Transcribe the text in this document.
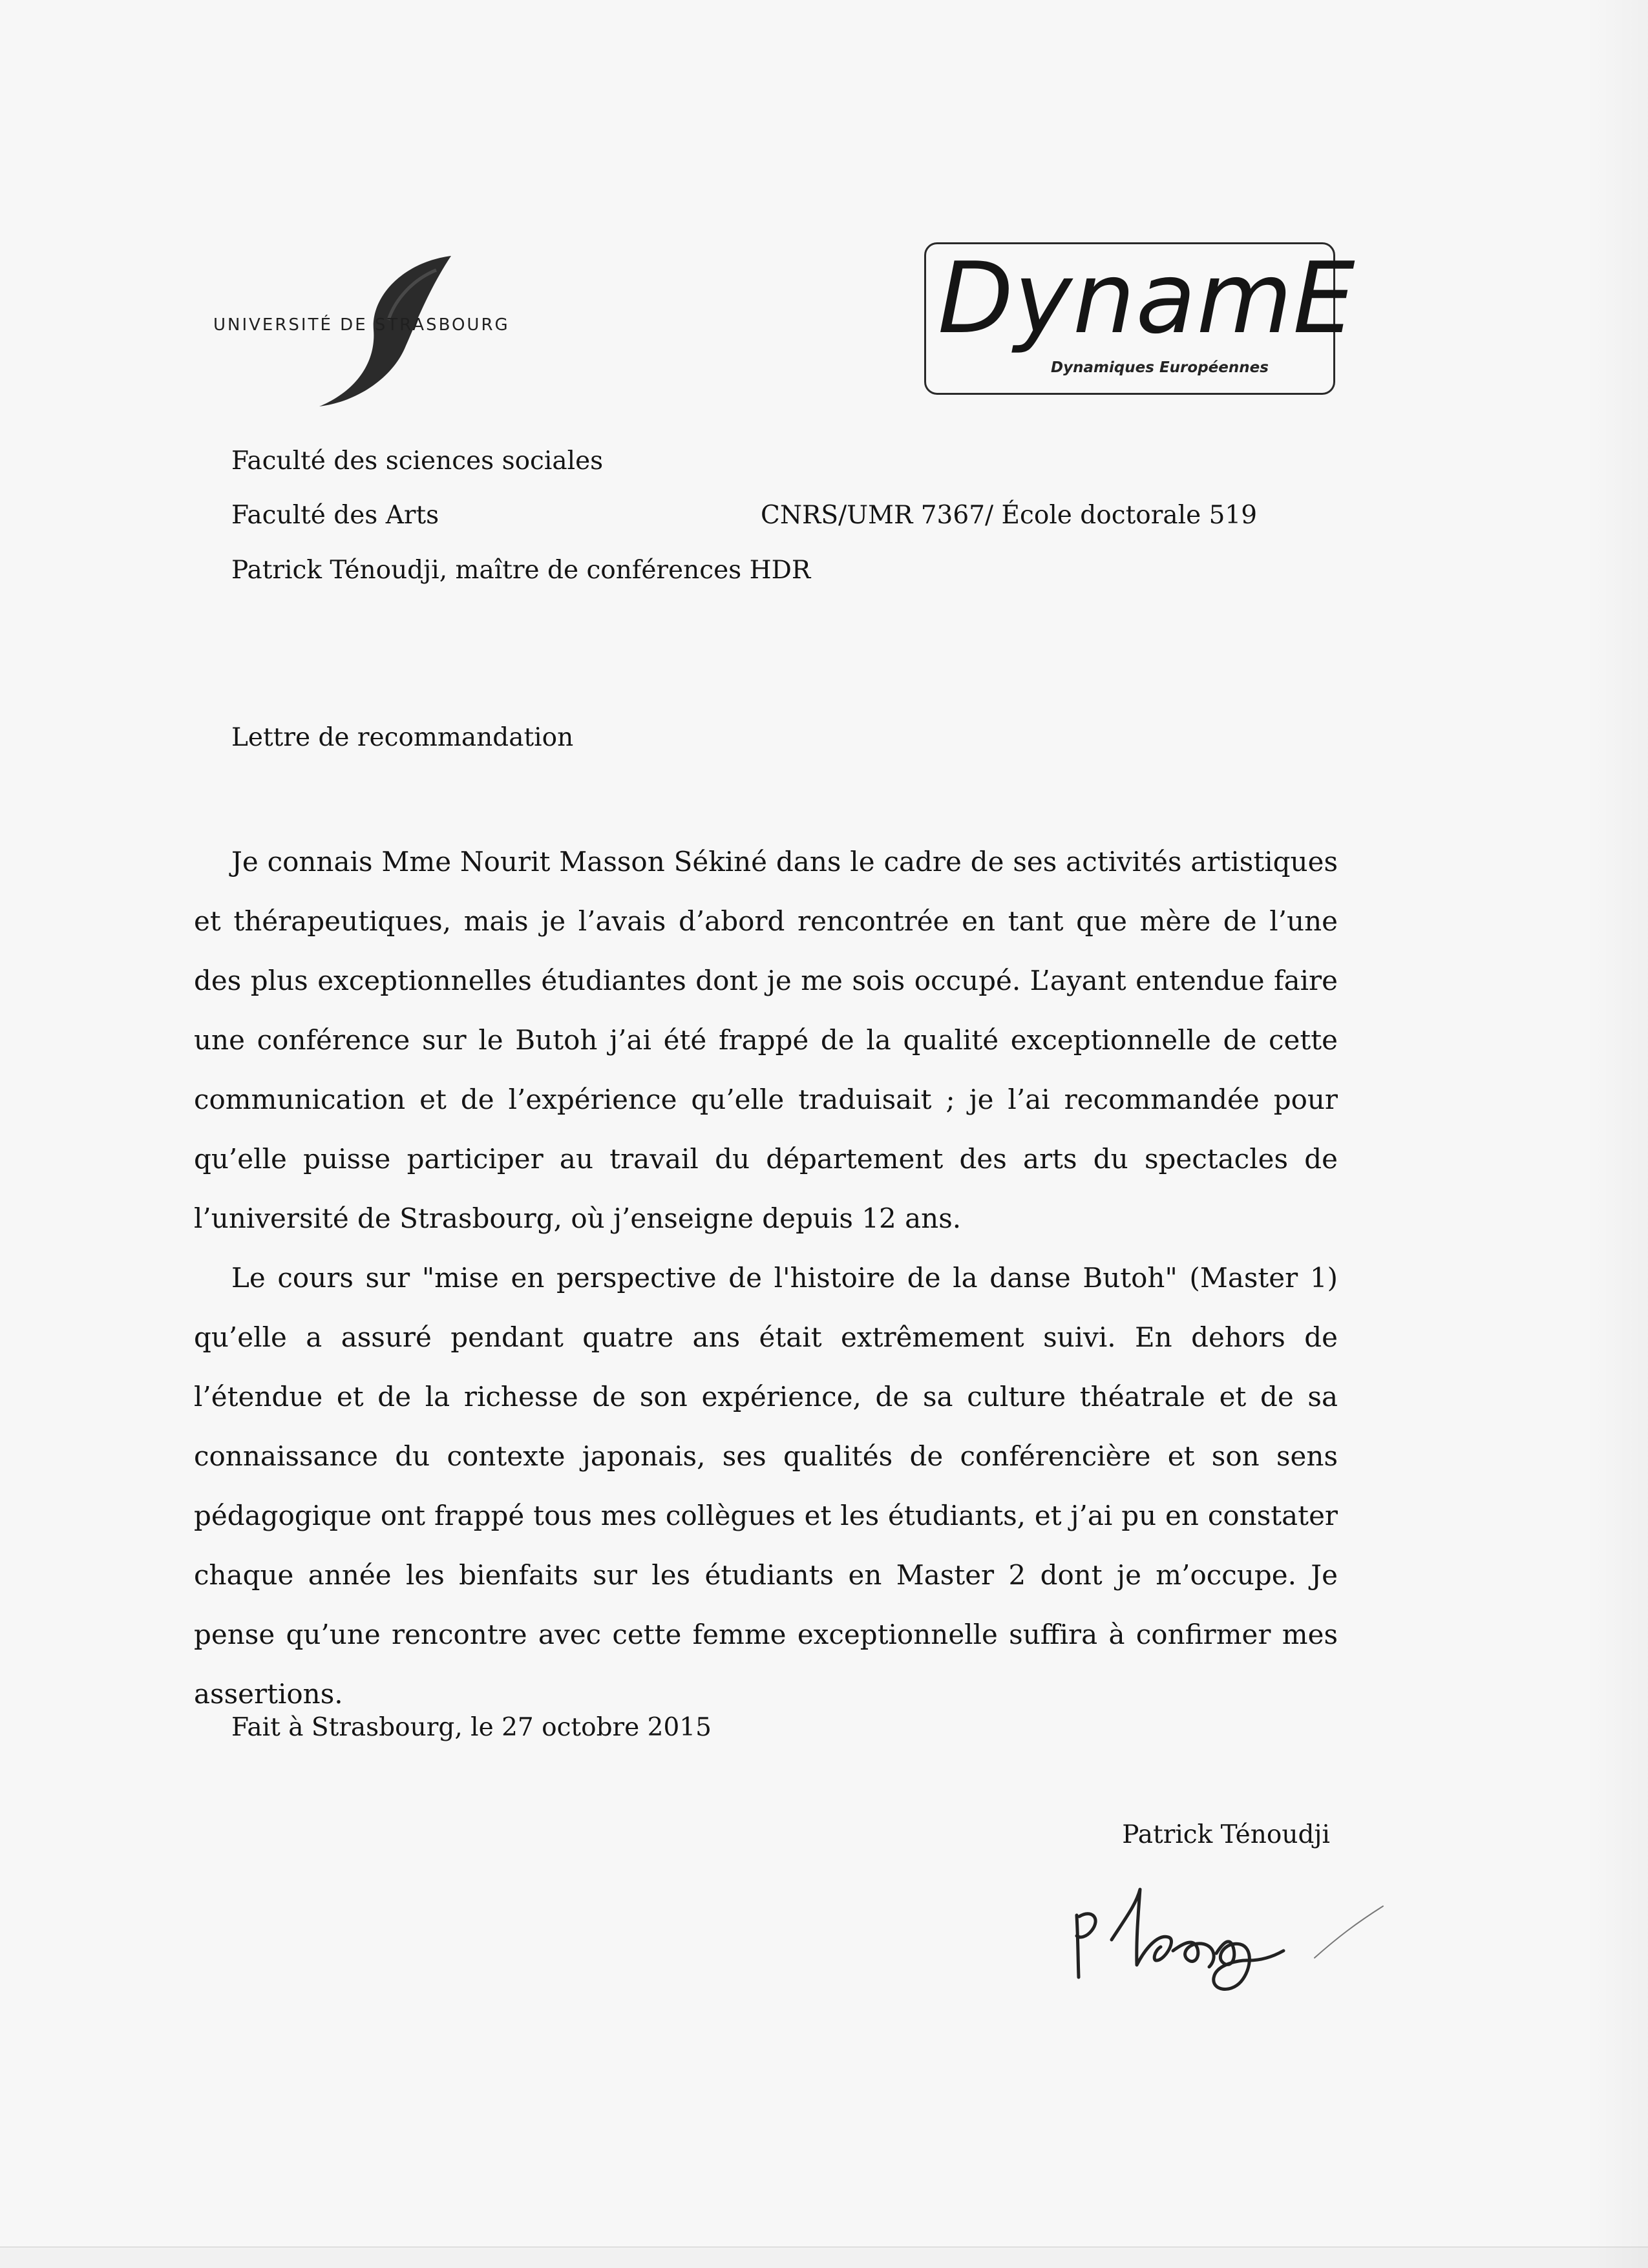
UNIVERSITÉ DE STRASBOURG	DynamE
Dynamiques Européennes
Faculté des sciences sociales
Faculté des Arts	CNRS/UMR 7367/ École doctorale 519
Patrick Ténoudji, maître de conférences HDR
Lettre de recommandation

Je connais Mme Nourit Masson Sékiné dans le cadre de ses activités artistiques et thérapeutiques, mais je l’avais d’abord rencontrée en tant que mère de l’une des plus exceptionnelles étudiantes dont je me sois occupé. L’ayant entendue faire une conférence sur le Butoh j’ai été frappé de la qualité exceptionnelle de cette communication et de l’expérience qu’elle traduisait ; je l’ai recommandée pour qu’elle puisse participer au travail du département des arts du spectacles de l’université de Strasbourg, où j’enseigne depuis 12 ans.

Le cours sur "mise en perspective de l'histoire de la danse Butoh" (Master 1) qu’elle a assuré pendant quatre ans était extrêmement suivi. En dehors de l’étendue et de la richesse de son expérience, de sa culture théatrale et de sa connaissance du contexte japonais, ses qualités de conférencière et son sens pédagogique ont frappé tous mes collègues et les étudiants, et j’ai pu en constater chaque année les bienfaits sur les étudiants en Master 2 dont je m’occupe. Je pense qu’une rencontre avec cette femme exceptionnelle suffira à confirmer mes assertions.

Fait à Strasbourg, le 27 octobre 2015
Patrick Ténoudji
